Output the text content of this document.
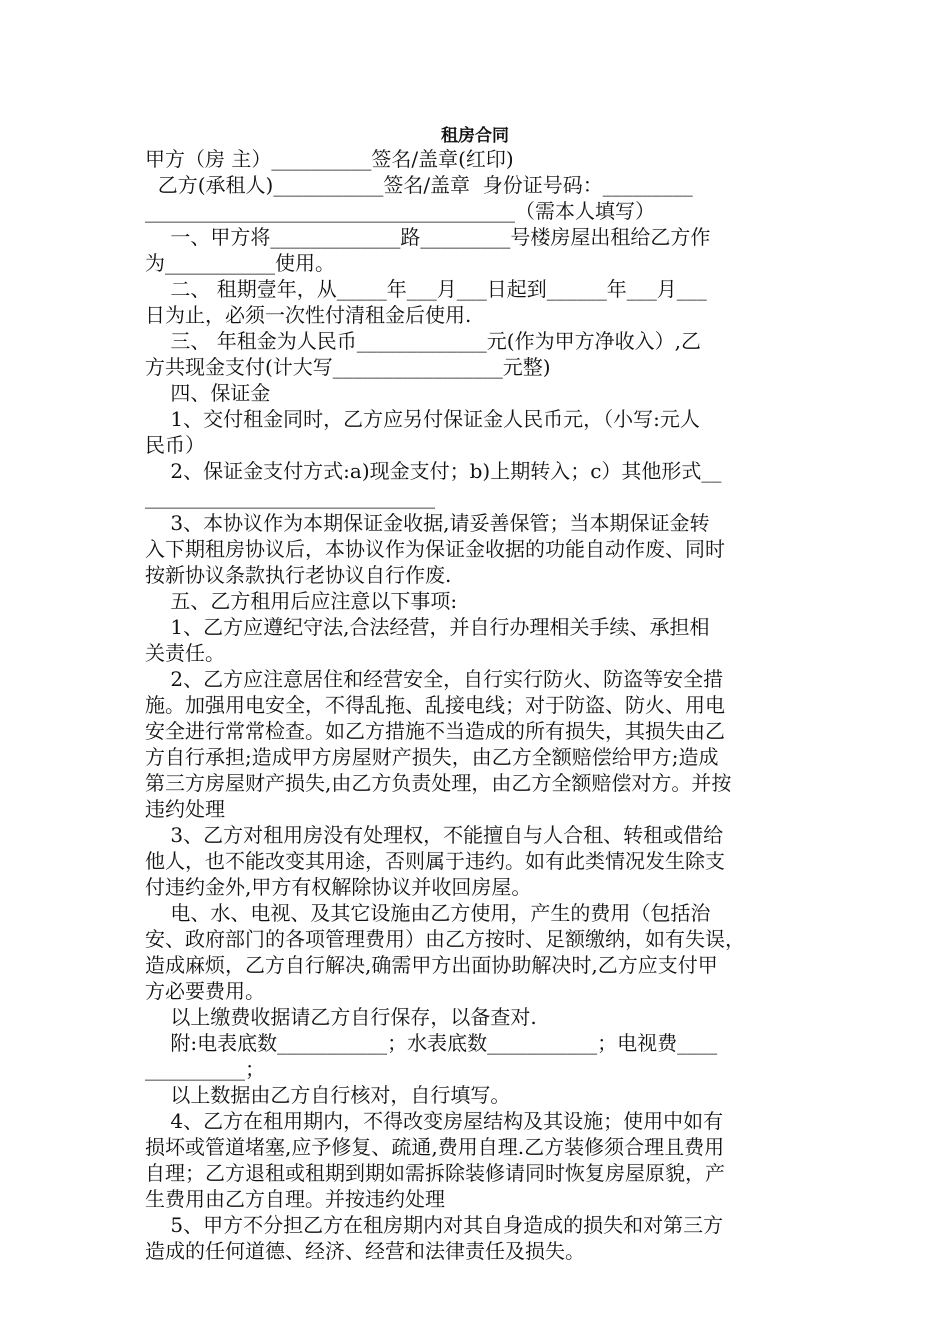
租房合同
甲方（房 主）__________签名/盖章(红印)
乙方(承租人)___________签名/盖章  身份证号码：_________
_____________________________________（需本人填写）
一、甲方将_____________路_________号楼房屋出租给乙方作
为___________使用。
二、 租期壹年，从_____年___月___日起到______年___月___
日为止，必须一次性付清租金后使用.
三、 年租金为人民币_____________元(作为甲方净收入）,乙
方共现金支付(计大写_________________元整)
四、保证金
1、交付租金同时，乙方应另付保证金人民币元，（小写:元人
民币）
2、保证金支付方式:a)现金支付；b)上期转入；c）其他形式__
_____________________________
3、本协议作为本期保证金收据,请妥善保管；当本期保证金转
入下期租房协议后，本协议作为保证金收据的功能自动作废、同时
按新协议条款执行老协议自行作废.
五、乙方租用后应注意以下事项:
1、乙方应遵纪守法,合法经营，并自行办理相关手续、承担相
关责任。
2、乙方应注意居住和经营安全，自行实行防火、防盗等安全措
施。加强用电安全，不得乱拖、乱接电线；对于防盗、防火、用电
安全进行常常检查。如乙方措施不当造成的所有损失，其损失由乙
方自行承担;造成甲方房屋财产损失，由乙方全额赔偿给甲方;造成
第三方房屋财产损失,由乙方负责处理，由乙方全额赔偿对方。并按
违约处理
3、乙方对租用房没有处理权，不能擅自与人合租、转租或借给
他人，也不能改变其用途，否则属于违约。如有此类情况发生除支
付违约金外,甲方有权解除协议并收回房屋。
电、水、电视、及其它设施由乙方使用，产生的费用（包括治
安、政府部门的各项管理费用）由乙方按时、足额缴纳，如有失误，
造成麻烦，乙方自行解决,确需甲方出面协助解决时,乙方应支付甲
方必要费用。
以上缴费收据请乙方自行保存，以备查对.
附:电表底数___________；水表底数___________；电视费____
__________；
以上数据由乙方自行核对，自行填写。
4、乙方在租用期内，不得改变房屋结构及其设施；使用中如有
损坏或管道堵塞,应予修复、疏通,费用自理.乙方装修须合理且费用
自理；乙方退租或租期到期如需拆除装修请同时恢复房屋原貌，产
生费用由乙方自理。并按违约处理
5、甲方不分担乙方在租房期内对其自身造成的损失和对第三方
造成的任何道德、经济、经营和法律责任及损失。
